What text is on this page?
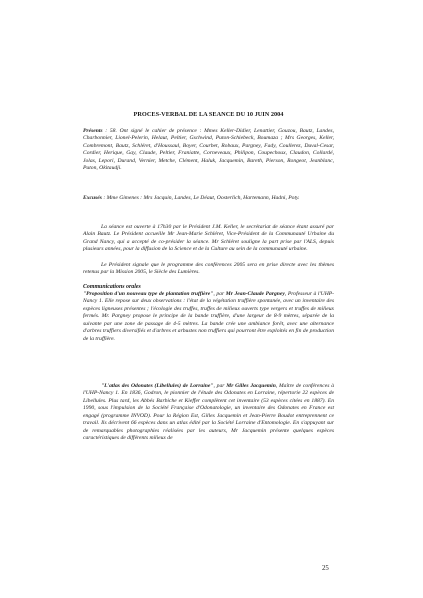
PROCES-VERBAL DE LA SEANCE DU 10 JUIN 2004

Présents : 58. Ont signé le cahier de présence : Mmes Keller-Didier, Lenattier, Gouzou, Bautz, Landes, Charbonnier, Lionel-Pelerin, Helaut, Peltier, Gschwind, Puton-Schiebeck, Boumaza ; Mrs Georges, Keller, Combremont, Bautz, Schléret, d'Houssaul, Boyer, Courbet, Robaux, Pargney, Fady, Coullerez, Duval-Cesar, Cordier, Herique, Gay, Claude, Peltier, Franiatte, Corneveaux, Philipon, Coupechoux, Claudon, Collardé, Jolas, Lepori, Durand, Vernier, Metche, Clément, Haluk, Jacquemin, Bareth, Pierson, Rongeot, Jeanblanc, Puton, Okitaudji.

Excusés : Mme Gimenes : Mrs Jacquin, Landes, Le Déaut, Oosterlich, Hartemann, Hadni, Poty.

La séance est ouverte à 17h30 par le Président J.M. Keller, le secrétariat de séance étant assuré par Alain Bautz. Le Président accueille Mr Jean-Marie Schléret, Vice-Président de la Communauté Urbaine du Grand Nancy, qui a accepté de co-présider la séance. Mr Schléret souligne la part prise par l'ALS, depuis plusieurs années, pour la diffusion de la Science et de la Culture au sein de la communauté urbaine.

Le Président signale que le programme des conférences 2005 sera en prise directe avec les thèmes retenus par la Mission 2005, le Siècle des Lumières.

Communications orales

"Proposition d'un nouveau type de plantation truffière", par Mr Jean-Claude Pargney, Professeur à l'UHP-Nancy 1. Elle repose sur deux observations : l'état de la végétation truffière spontanée, avec un inventaire des espèces ligneuses présentes ; l'écologie des truffes, truffes de milieux ouverts type vergers et truffes de milieux fermés. Mr. Pargney propose le principe de la bande truffière, d'une largeur de 8-9 mètres, séparée de la suivante par une zone de passage de 4-5 mètres. La bande crée une ambiance forêt, avec une alternance d'arbres truffiers diversifiés et d'arbres et arbustes non truffiers qui pourront être exploités en fin de production de la truffière.

"L'atlas des Odonates (Libellules) de Lorraine", par Mr Gilles Jacquemin, Maître de conférences à l'UHP-Nancy 1. En 1836, Godron, le pionnier de l'étude des Odonates en Lorraine, répertorie 22 espèces de Libellules. Plus tard, les Abbés Barbiche et Kieffer complètent cet inventaire (53 espèces citées en 1887). En 1990, sous l'impulsion de la Société Française d'Odonatologie, un inventaire des Odonates en France est engagé (programme INVOD). Pour la Région Est, Gilles Jacquemin et Jean-Pierre Boudot entreprennent ce travail. Ils décrivent 66 espèces dans un atlas édité par la Société Lorraine d'Entomologie. En s'appuyant sur de remarquables photographies réalisées par les auteurs, Mr Jacquemin présente quelques espèces caractéristiques de différents milieux de

25
